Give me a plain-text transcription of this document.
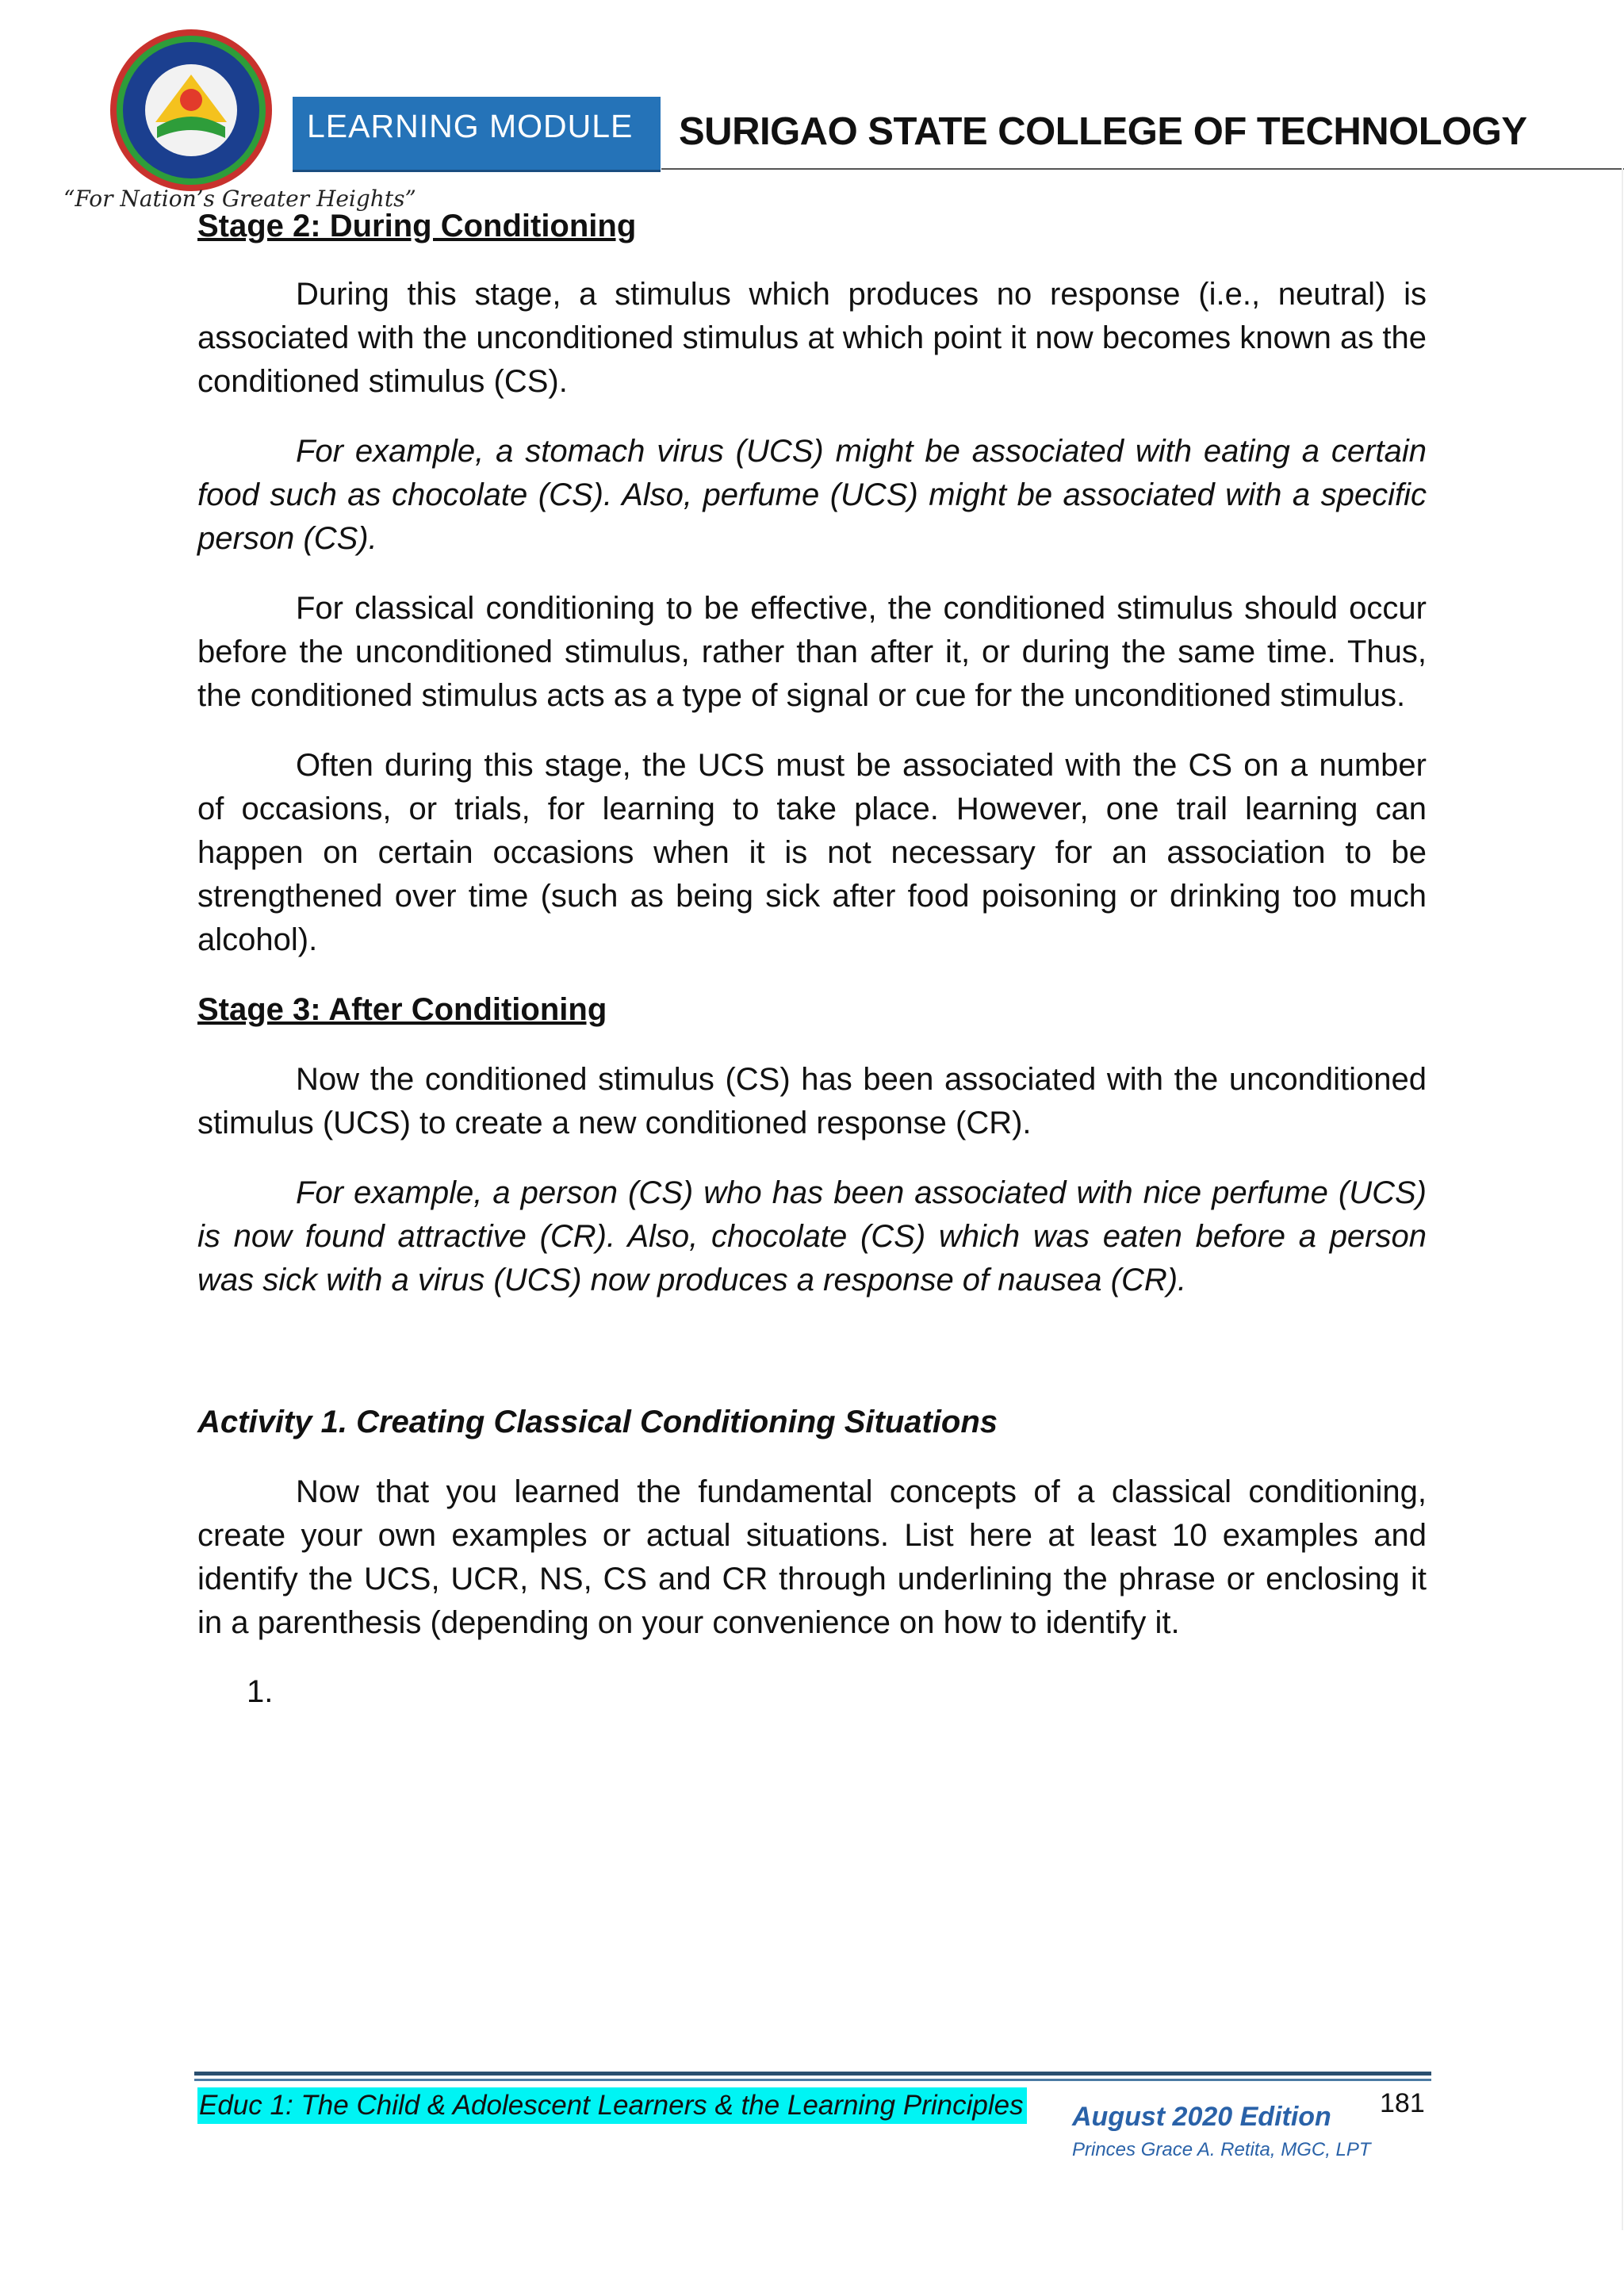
“For Nation’s Greater Heights”
LEARNING MODULE SURIGAO STATE COLLEGE OF TECHNOLOGY
Stage 2: During Conditioning

During this stage, a stimulus which produces no response (i.e., neutral) is associated with the unconditioned stimulus at which point it now becomes known as the conditioned stimulus (CS).

For example, a stomach virus (UCS) might be associated with eating a certain food such as chocolate (CS). Also, perfume (UCS) might be associated with a specific person (CS).

For classical conditioning to be effective, the conditioned stimulus should occur before the unconditioned stimulus, rather than after it, or during the same time. Thus, the conditioned stimulus acts as a type of signal or cue for the unconditioned stimulus.

Often during this stage, the UCS must be associated with the CS on a number of occasions, or trials, for learning to take place. However, one trail learning can happen on certain occasions when it is not necessary for an association to be strengthened over time (such as being sick after food poisoning or drinking too much alcohol).

Stage 3: After Conditioning

Now the conditioned stimulus (CS) has been associated with the unconditioned stimulus (UCS) to create a new conditioned response (CR).

For example, a person (CS) who has been associated with nice perfume (UCS) is now found attractive (CR). Also, chocolate (CS) which was eaten before a person was sick with a virus (UCS) now produces a response of nausea (CR).

Activity 1. Creating Classical Conditioning Situations

Now that you learned the fundamental concepts of a classical conditioning, create your own examples or actual situations. List here at least 10 examples and identify the UCS, UCR, NS, CS and CR through underlining the phrase or enclosing it in a parenthesis (depending on your convenience on how to identify it.

1.
Educ 1: The Child & Adolescent Learners & the Learning Principles August 2020 Edition 181
Princes Grace A. Retita, MGC, LPT
